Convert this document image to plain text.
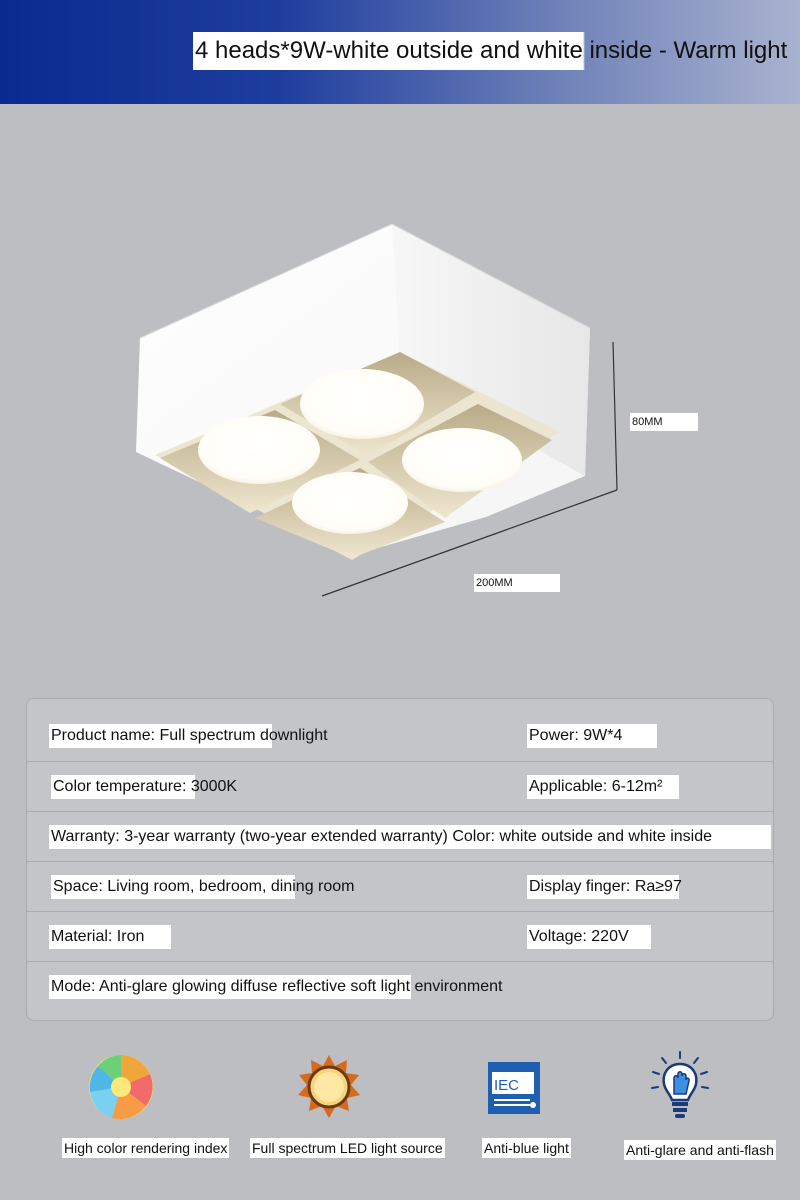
4 heads*9W-white outside and white inside - Warm light
80MM
200MM
Product name: Full spectrum downlight	Power: 9W*4
Color temperature: 3000K	Applicable: 6-12m²
Warranty: 3-year warranty (two-year extended warranty) Color: white outside and white inside
Space: Living room, bedroom, dining room	Display finger: Ra≥97
Material: Iron	Voltage: 220V
Mode: Anti-glare glowing diffuse reflective soft light environment
High color rendering index Full spectrum LED light source
IEC
Anti-blue light	Anti-glare and anti-flash
